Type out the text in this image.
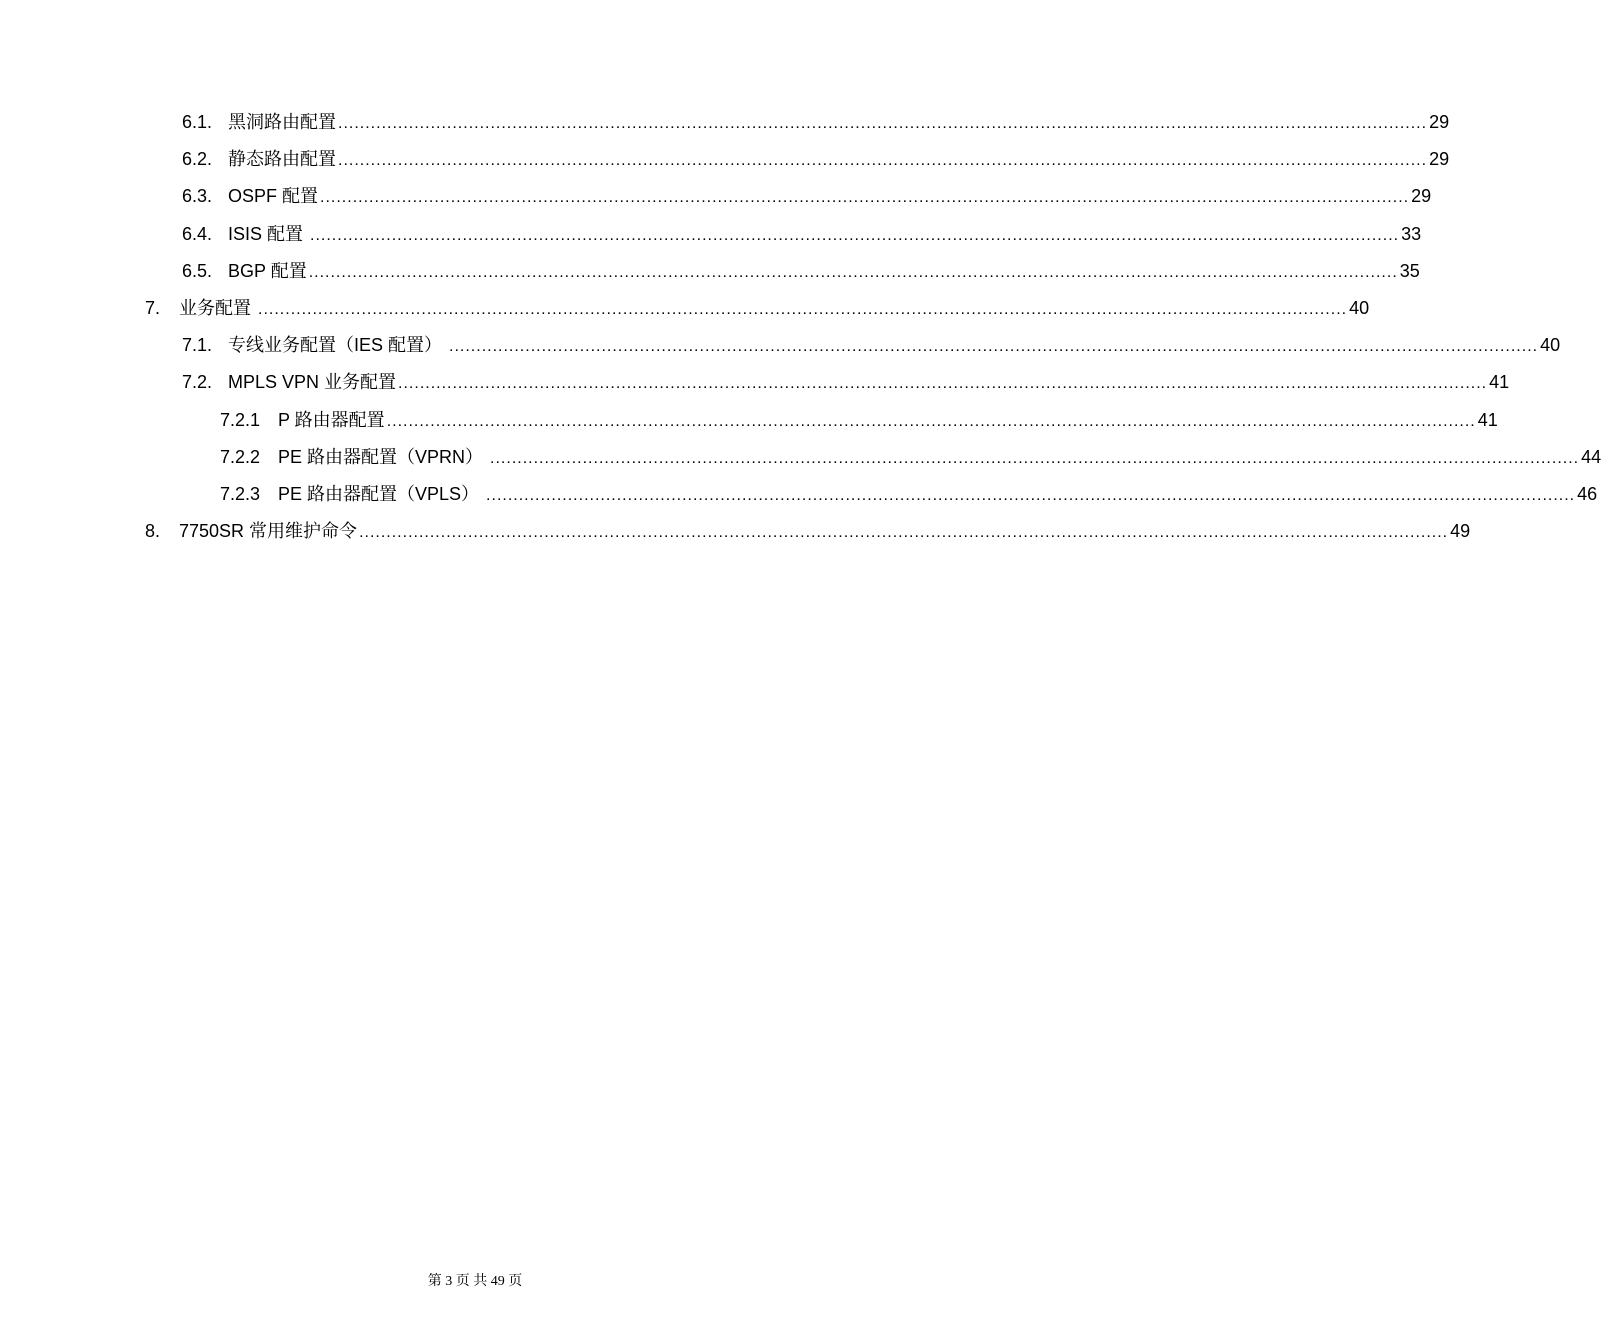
6.1. 黑洞路由配置 ........................................................................................................................................................................................................ 29
6.2. 静态路由配置 ........................................................................................................................................................................................................ 29
6.3. OSPF 配置 ........................................................................................................................................................................................................ 29
6.4. ISIS 配置 ........................................................................................................................................................................................................ 33
6.5. BGP 配置 ........................................................................................................................................................................................................ 35
7.	业务配置 ........................................................................................................................................................................................................ 40
7.1. 专线业务配置（IES 配置） ........................................................................................................................................................................................................ 40
7.2. MPLS VPN 业务配置 ........................................................................................................................................................................................................ 41
7.2.1 P 路由器配置 ........................................................................................................................................................................................................ 41
7.2.2 PE 路由器配置（VPRN） ........................................................................................................................................................................................................ 44
7.2.3 PE 路由器配置（VPLS） ........................................................................................................................................................................................................ 46
8.	7750SR 常用维护命令 ........................................................................................................................................................................................................ 49
第 3 页 共 49 页
